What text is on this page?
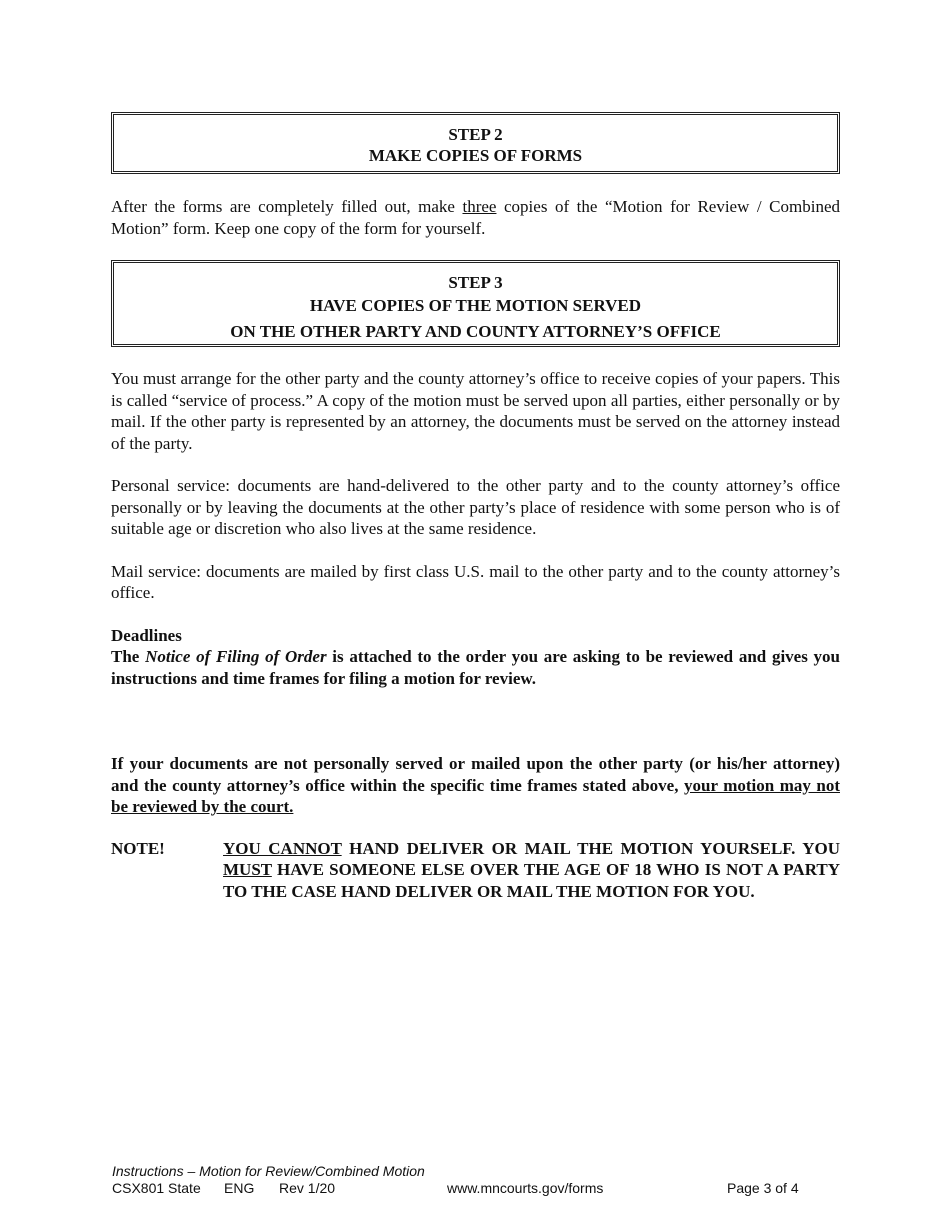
STEP 2
MAKE COPIES OF FORMS

After the forms are completely filled out, make three copies of the “Motion for Review / Combined Motion” form. Keep one copy of the form for yourself.

STEP 3
HAVE COPIES OF THE MOTION SERVED
ON THE OTHER PARTY AND COUNTY ATTORNEY’S OFFICE

You must arrange for the other party and the county attorney’s office to receive copies of your papers. This is called “service of process.” A copy of the motion must be served upon all parties, either personally or by mail. If the other party is represented by an attorney, the documents must be served on the attorney instead of the party.

Personal service: documents are hand-delivered to the other party and to the county attorney’s office personally or by leaving the documents at the other party’s place of residence with some person who is of suitable age or discretion who also lives at the same residence.

Mail service: documents are mailed by first class U.S. mail to the other party and to the county attorney’s office.

Deadlines

The Notice of Filing of Order is attached to the order you are asking to be reviewed and gives you instructions and time frames for filing a motion for review.

If your documents are not personally served or mailed upon the other party (or his/her attorney) and the county attorney’s office within the specific time frames stated above, your motion may not be reviewed by the court.

NOTE!	YOU CANNOT HAND DELIVER OR MAIL THE MOTION YOURSELF. YOU MUST HAVE SOMEONE ELSE OVER THE AGE OF 18 WHO IS NOT A PARTY TO THE CASE HAND DELIVER OR MAIL THE MOTION FOR YOU.
Instructions – Motion for Review/Combined Motion
CSX801 State ENG Rev 1/20	www.mncourts.gov/forms	Page 3 of 4
